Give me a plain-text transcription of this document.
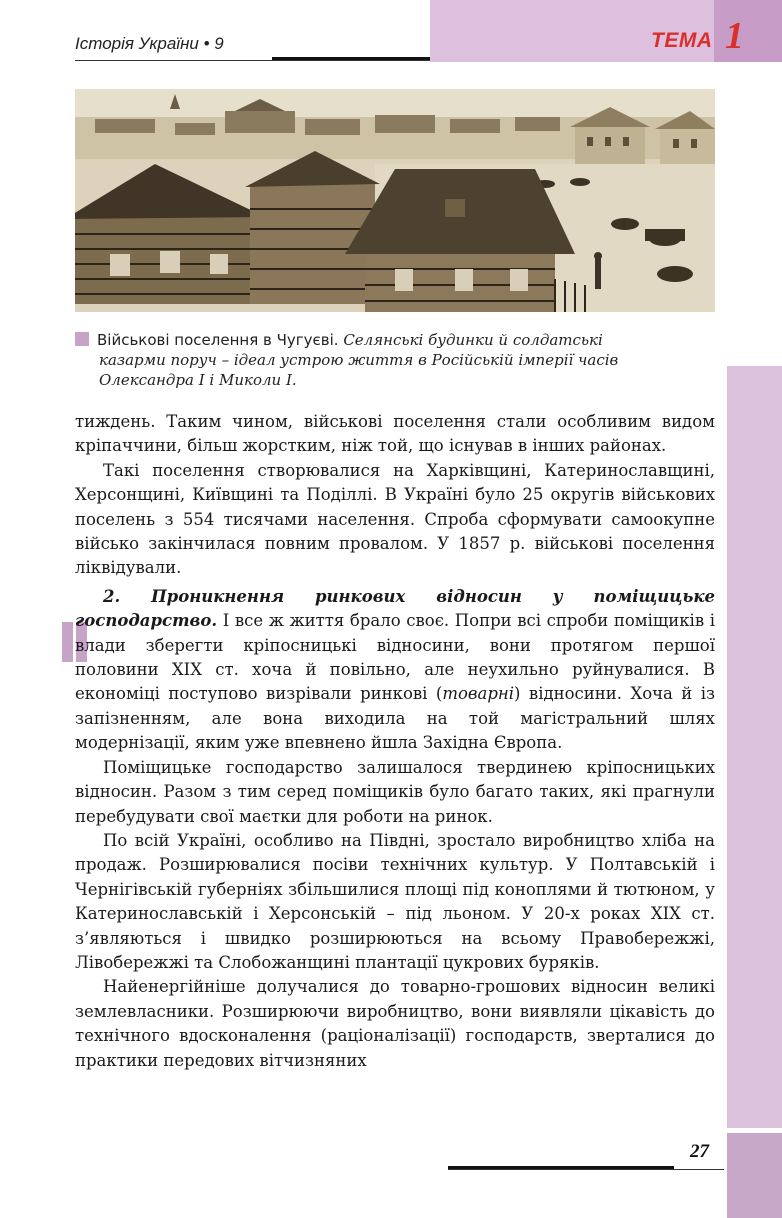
Історія України • 9	ТЕМА 1
Військові поселення в Чугуєві. Селянські будинки й солдатські
казарми поруч – ідеал устрою життя в Російській імперії часів
Олександра I і Миколи I.

тиждень. Таким чином, військові поселення стали особливим видом кріпаччини, більш жорстким, ніж той, що існував в інших районах.

Такі поселення створювалися на Харківщині, Катеринославщині, Херсонщині, Київщині та Поділлі. В Україні було 25 округів військових поселень з 554 тисячами населення. Спроба сформувати самоокупне військо закінчилася повним провалом. У 1857 р. військові поселення ліквідували.

2. Проникнення ринкових відносин у поміщицьке господарство. І все ж життя брало своє. Попри всі спроби поміщиків і влади зберегти кріпосницькі відносини, вони протягом першої половини XIX ст. хоча й повільно, але неухильно руйнувалися. В економіці поступово визрівали ринкові (товарні) відносини. Хоча й із запізненням, але вона виходила на той магістральний шлях модернізації, яким уже впевнено йшла Західна Європа.

Поміщицьке господарство залишалося твердинею кріпосницьких відносин. Разом з тим серед поміщиків було багато таких, які прагнули перебудувати свої маєтки для роботи на ринок.

По всій Україні, особливо на Півдні, зростало виробництво хліба на продаж. Розширювалися посіви технічних культур. У Полтавській і Чернігівській губерніях збільшилися площі під коноплями й тютюном, у Катеринославській і Херсонській – під льоном. У 20-х роках XIX ст. з’являються і швидко розширюються на всьому Правобережжі, Лівобережжі та Слобожанщині плантації цукрових буряків.

Найенергійніше долучалися до товарно-грошових відносин великі землевласники. Розширюючи виробництво, вони виявляли цікавість до технічного вдосконалення (раціоналізації) господарств, зверталися до практики передових вітчизняних

27
